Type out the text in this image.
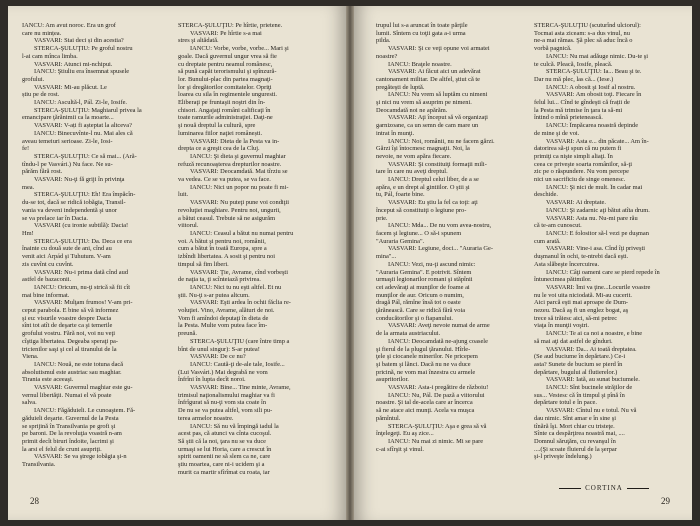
IANCU: Am avut noroc. Era un grof
care nu mințea.
VASVARI: Stai deci și din acestia?
STERCA-ŞULUŢIU: Pe groful nostru
l-ai cam mînca limba.
VASVARI: Atunci mi-nchipui.
IANCU: Ştiuliu era însemnat spusele
grofului.
VASVARI: Mi-au plăcut. Le
știu pe de rost.
IANCU: Ascultă-l, Pál. Zi-le, Iosife.
STERCA-ŞULUŢIU: Maghiarul privea la
emancipare ţărănimii ca la moarte...
VASVARI: V-ați fi așteptat la altceva?
IANCU: Binecuvînte-l nu. Mai ales că
aveau temeiuri serioase. Zi-le, Iosi-
fe!
STERCA-ŞULUŢIU: Ce să mai... (Ară-
tîndu-l pe Vasvári.) Nu face. Ne su-
părăm fără rost.
VASVARI: Nu-ţi fă griji în privinţa
mea.
STERCA-ŞULUŢIU: Eh! Era împăcîn-
du-se tot, dacă se ridică iobăgia, Transil-
vania va deveni independentă şi unor
se va prelace iar în Dacia.
VASVARI (cu ironie subtilă): Dacia!
Hm!
STERCA-ŞULUŢIU: Da. Deca ce era
înainte cu două sute de ani, cînd au
venit aici Árpád şi Tuhutum. V-am
zis cuvînt cu cuvînt.
VASVARI: Nu-i prima dată cînd aud
astfel de bazaconii.
IANCU: Oricum, nu-ţi strică să fii cît
mai bine informat.
VASVARI: Mulţam frumos! V-am pri-
ceput parabola. E bine să vă informez
şi eu: visurile voastre despre Dacia
sînt tot atît de deşarte ca şi temerile
grofului vostru. Fără noi, voi nu veţi
cîştiga libertatea. Degeaba speraţi pa-
tricienilor saşi şi cel al tiranului de la
Viena.
IANCU: Nouă, ne este totuna dacă
absolutismul este austriac sau maghiar.
Tirania este aceeaşi.
VASVARI: Guvernul maghiar este gu-
vernul libertăţii. Numai el vă poate
salva.
IANCU: Făgăduieli. Le cunoaştem. Fă-
găduieli deşarte. Guvernul de la Pesta
se sprijină în Transilvania pe grofi şi
pe baroni. De la revoluţia voastră n-am
primit decît biruri îndoite, lacrimi şi
la arsi el felul de crunt asupriţi.
VASVARI: Se va ştrege iobăgia şi-n
Transilvania.
STERCA-ŞULUŢIU: Pe hîrtie, prietene.
VASVARI: Pe hîrtie s-a mai
stres şi altădată.
IANCU: Vorbe, vorbe, vorbe... Mari şi
goale. Dacă guvernul ungur vrea să fie
cu dreptate pentru neamul românesc,
să pună capăt terorismului şi spînzură-
lor. Bunului-plac din partea magnaţi-
lor şi dregătorilor comitatelor. Opriţi
loarea cu sila în regimentele unguresti.
Eliberaţi pe fruntaşii noştri din în-
chisori. Angajaţi români calificaţi în
toate ramurile administraţiei. Daţi-ne
şi nouă dreptul la cultură, spre
luminarea fiilor naţiei românești.
VASVARI: Dieta de la Pesta va in-
drepta ce a greşit cea de la Cluj.
IANCU: Şi dieta şi guvernul maghiar
refuză recunoaşterea drepturilor noastre.
VASVARI: Deocamdată. Mai tîrziu se
va vedea. Ce se va putea, se va face.
IANCU: Nici un popor nu poate fi mi-
luit.
VASVARI: Nu puteţi pune voi condiţii
revoluţiei maghiare. Pentru noi, ungurii,
a bătut ceasul. Trebuie să ne asigurăm
viitorul.
IANCU: Ceasul a bătut nu numai pentru
voi. A bătut şi pentru noi, românii,
cum a bătut în toată Europa, spre a
izbîndi libertatea. A sosit şi pentru noi
timpul să fim liberi.
VASVARI: Ţie, Avrame, cînd vorbeşti
de naţia ta, ţi scînteiază privirea.
IANCU: Nici tu nu eşti altfel. Et nu
ştii. Nu-ţi s-ar putea altcum.
VASVARI: Eşti ardea în ochii făclia re-
voluţiei. Vino, Avrame, alături de noi.
Vom fi amîndoi deputaţi în dieta de
la Pesta. Multe vom putea face îm-
preună.
STERCA-ŞULUŢIU (care între timp a
bînt de unul singur): S-ar putea!
VASVARI: De ce nu?
IANCU: Caută-ţi de-ale tale, Iosife...
(Lui Vasvári.) Mai degrabă ne vom
înfrîni în lupta decît noroi.
VASVARI: Bine... Tine minte, Avrame,
trimisul naţionalismului maghiar va fi
înfrîgurat să nu-ţi vom sta coate în
De nu se va putea altfel, vom sili pu-
terea armelor noastre.
IANCU: Să nu vă împingă iadul la
acest pas, că atunci va cînta cucoşul.
Să ştii că la noi, ţara nu se va duce
urmaşi se lui Horia, care a crescut în
spirit oamenii ne să slem ca ne, care
ştiu moartea, care ni-i ucidem şi a
murit ca martir sfîrîmat cu roata, iar
28
trupul lui s-a aruncat în toate părţile
lumii. Sîntem cu toţii gata a-i urma
pilda.
VASVARI: Şi ce veţi opune voi armatei
noastre?
IANCU: Braţele noastre.
VASVARI: Ai făcut aici un adevărat
cantonament militar. De altfel, ştiut că te
pregăteşti de luptă.
IANCU: Nu vrem să luptăm cu nimeni
şi nici nu vrem să asuprim pe nimeni.
Deocamdată noi ne apărăm.
VASVARI: Aţi început să vă organizaţi
garnizoane, ca un semn de cam mare un
intrat în munţi.
IANCU: Noi, românii, nu ne facem gărzi.
Gărzi îşi întocmesc magnaţii. Noi, la
nevoie, ne vom apăra fiecare.
VASVARI: Şi constituiţi formaţii mili-
tare în care nu aveţi dreptul.
IANCU: Dreptul celui liber, de a se
apăra, e un drept al gintiilor. O ştii şi
tu, Pál, foarte bine.
VASVARI: Eu ştiu la fel ca toţi: aţi
început să constituiţi o legiune pro-
prie.
IANCU: Mda... De nu vom avea-nostru,
facem şi legiune... O să-i spunem
"Auraria Gemina".
VASVARI: Legiune, doci... "Auraria Ge-
mina"...
IANCU: Vezi, nu-ţi ascund nimic:
"Auraria Gemina". E potrivit. Sîntem
urmaşii legionarilor romani şi stăpînii
cei adevăraţi ai munţilor de foame ai
munţilor de aur. Oricum o numim,
dragă Pál, rămîne însă tot o oaste
ţărănească. Care se ridică fără voia
conducătorilor şi o fiapanului.
VASVARI: Aveţi nevoie numai de arme
de la armata austriacului.
IANCU: Deocamdată ne-ajung coasele
şi fierul de la plugul ţăranului. Hîrle-
ţele şi ciocanele minerilor. Ne pricepem
şi batem şi lănci. Dacă nu ne va duce
pricină, ne vom mai înzestra cu armele
asupritorilor.
VASVARI: Asta-i pregătire de războiu!
IANCU: Nu, Pál. De pază a viitorului
noastre. Şi tal de-acela care ar încerca
să ne atace aici munţi. Acela va muşca
pămîntul.
STERCA-ŞULUŢIU: Aşa e grea să vă
înţelegeţi. Eu aş zice...
IANCU: Nu mai zi nimic. Mi se pare
c-ai sfîrşit şi vinul.
STERCA-ŞULUŢIU (scuturînd ulciorul):
Tocmai asta ziceam: s-a dus vinul, nu
ne-a mai rămas. Şă plec să aduc încă o
vorbă pagnică.
IANCU: Nu mai adăuge nimic. Du-te şi
te culcă. Pleacă, Iosife, pleacă.
STERCA-ŞULUŢIU: Ia... Beau şi te.
Dar nu mă plec, las că... (Iese.)
IANCU: A obosit şi Iosif al nostru.
VASVARI: Am obosit toţi. Fiecare în
felul lui... Cînd te gîndeşti că frații de
la Pesta mă trimise în ţara ta să-mi
întind o mînă prietenească.
IANCU: Împăcarea noastră depinde
de mine şi de voi.
VASVARI: Asta e... din păcate... Am în-
datorirea să-ţi spun că nu putem fi
primiţi ca nişte simpli aliaţi. În
ceea ce priveşte soarta românilor, să-ţi
zic pe o răspundere. Nu vom percepe
nici un sacrificiu de singe omenesc.
IANCU: Şi nici de mult. În cadar mai
deschide.
VASVARI: Ai dreptate.
IANCU: Şi zadarnic aţi bătut atîta drum.
VASVARI: Asta nu. Nu-mi pare rău
că te-am cunoscut.
IANCU: E folositor să-l vezi pe duşman
cum arată.
VASVARI: Vine-i asa. Cînd îţi priveşti
duşmanul în ochi, te-ntrebi dacă eşti.
Asta slăbeşte încercuirea.
IANCU: Câţi oameni care se pierd repede în
întunecimea pătimilor.
VASVARI: Îmi va ţine...Locurile voastre
nu le voi uita niciodată. Mi-au cucerit.
Aici parcă eşti mai aproape de Dum-
nezeu. Dacă aş fi un englez bogat, aş
trece să trăiesc aici, să-mi petrec
viaţa în munţii voştri.
IANCU: Te ai ca noi a noastre, e bine
să mai aţi dat astfel de gînduri.
VASVARI: Da... Ai toată dreptatea.
(Se aud buciume în depărtare.) Ce-i
asta? Sunete de bucium se pierd în
depărtare, bugului al flutierelor.)
VASVARI: Iată, au sunat buciumele.
IANCU: Sînt bucinele străjilor de
sus... Vestesc că în timpul şi pînă în
depărtare totul e în pace.
VASVARI: Cîntul nu e totul. Nu vă
dau nimic. Sînt amar e în sine şi
tînără îşi. Mort chiar cu tristeţe.
Sînte ca despărţirea noastră mai, ....
Domnul săruţăm, cu revanşul în
....(Şi scoate fluierul de la şerpar
şi-l priveşte îndelung.)
CORTINA
29
